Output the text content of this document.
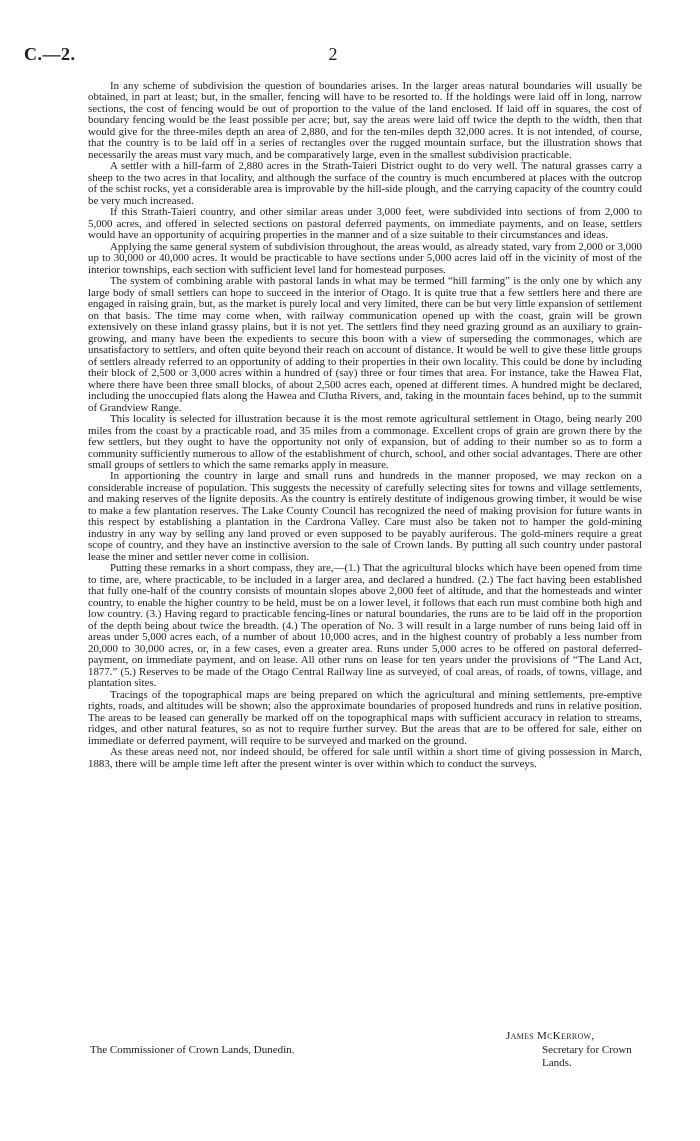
C.—2.	2

In any scheme of subdivision the question of boundaries arises. In the larger areas natural boundaries will usually be obtained, in part at least; but, in the smaller, fencing will have to be resorted to. If the holdings were laid off in long, narrow sections, the cost of fencing would be out of proportion to the value of the land enclosed. If laid off in squares, the cost of boundary fencing would be the least possible per acre; but, say the areas were laid off twice the depth to the width, then that would give for the three-miles depth an area of 2,880, and for the ten-miles depth 32,000 acres. It is not intended, of course, that the country is to be laid off in a series of rectangles over the rugged mountain surface, but the illustration shows that necessarily the areas must vary much, and be comparatively large, even in the smallest subdivision practicable.

A settler with a hill-farm of 2,880 acres in the Strath-Taieri District ought to do very well. The natural grasses carry a sheep to the two acres in that locality, and although the surface of the country is much encumbered at places with the outcrop of the schist rocks, yet a considerable area is improvable by the hill-side plough, and the carrying capacity of the country could be very much increased.

If this Strath-Taieri country, and other similar areas under 3,000 feet, were subdivided into sections of from 2,000 to 5,000 acres, and offered in selected sections on pastoral deferred payments, on immediate payments, and on lease, settlers would have an opportunity of acquiring properties in the manner and of a size suitable to their circumstances and ideas.

Applying the same general system of subdivision throughout, the areas would, as already stated, vary from 2,000 or 3,000 up to 30,000 or 40,000 acres. It would be practicable to have sections under 5,000 acres laid off in the vicinity of most of the interior townships, each section with sufficient level land for homestead purposes.

The system of combining arable with pastoral lands in what may be termed “hill farming” is the only one by which any large body of small settlers can hope to succeed in the interior of Otago. It is quite true that a few settlers here and there are engaged in raising grain, but, as the market is purely local and very limited, there can be but very little expansion of settlement on that basis. The time may come when, with railway communication opened up with the coast, grain will be grown extensively on these inland grassy plains, but it is not yet. The settlers find they need grazing ground as an auxiliary to grain-growing, and many have been the expedients to secure this boon with a view of superseding the commonages, which are unsatisfactory to settlers, and often quite beyond their reach on account of distance. It would be well to give these little groups of settlers already referred to an opportunity of adding to their properties in their own locality. This could be done by including their block of 2,500 or 3,000 acres within a hundred of (say) three or four times that area. For instance, take the Hawea Flat, where there have been three small blocks, of about 2,500 acres each, opened at different times. A hundred might be declared, including the unoccupied flats along the Hawea and Clutha Rivers, and, taking in the mountain faces behind, up to the summit of Grandview Range.

This locality is selected for illustration because it is the most remote agricultural settlement in Otago, being nearly 200 miles from the coast by a practicable road, and 35 miles from a commonage. Excellent crops of grain are grown there by the few settlers, but they ought to have the opportunity not only of expansion, but of adding to their number so as to form a community sufficiently numerous to allow of the establishment of church, school, and other social advantages. There are other small groups of settlers to which the same remarks apply in measure.

In apportioning the country in large and small runs and hundreds in the manner proposed, we may reckon on a considerable increase of population. This suggests the necessity of carefully selecting sites for towns and village settlements, and making reserves of the lignite deposits. As the country is entirely destitute of indigenous growing timber, it would be wise to make a few plantation reserves. The Lake County Council has recognized the need of making provision for future wants in this respect by establishing a plantation in the Cardrona Valley. Care must also be taken not to hamper the gold-mining industry in any way by selling any land proved or even supposed to be payably auriferous. The gold-miners require a great scope of country, and they have an instinctive aversion to the sale of Crown lands. By putting all such country under pastoral lease the miner and settler never come in collision.

Putting these remarks in a short compass, they are,—(1.) That the agricultural blocks which have been opened from time to time, are, where practicable, to be included in a larger area, and declared a hundred. (2.) The fact having been established that fully one-half of the country consists of mountain slopes above 2,000 feet of altitude, and that the homesteads and winter country, to enable the higher country to be held, must be on a lower level, it follows that each run must combine both high and low country. (3.) Having regard to practicable fencing-lines or natural boundaries, the runs are to be laid off in the proportion of the depth being about twice the breadth. (4.) The operation of No. 3 will result in a large number of runs being laid off in areas under 5,000 acres each, of a number of about 10,000 acres, and in the highest country of probably a less number from 20,000 to 30,000 acres, or, in a few cases, even a greater area. Runs under 5,000 acres to be offered on pastoral deferred-payment, on immediate payment, and on lease. All other runs on lease for ten years under the provisions of “The Land Act, 1877.” (5.) Reserves to be made of the Otago Central Railway line as surveyed, of coal areas, of roads, of towns, village, and plantation sites.

Tracings of the topographical maps are being prepared on which the agricultural and mining settlements, pre-emptive rights, roads, and altitudes will be shown; also the approximate boundaries of proposed hundreds and runs in relative position. The areas to be leased can generally be marked off on the topographical maps with sufficient accuracy in relation to streams, ridges, and other natural features, so as not to require further survey. But the areas that are to be offered for sale, either on immediate or deferred payment, will require to be surveyed and marked on the ground.

As these areas need not, nor indeed should, be offered for sale until within a short time of giving possession in March, 1883, there will be ample time left after the present winter is over within which to conduct the surveys.

James McKerrow,
The Commissioner of Crown Lands, Dunedin.	Secretary for Crown Lands.
